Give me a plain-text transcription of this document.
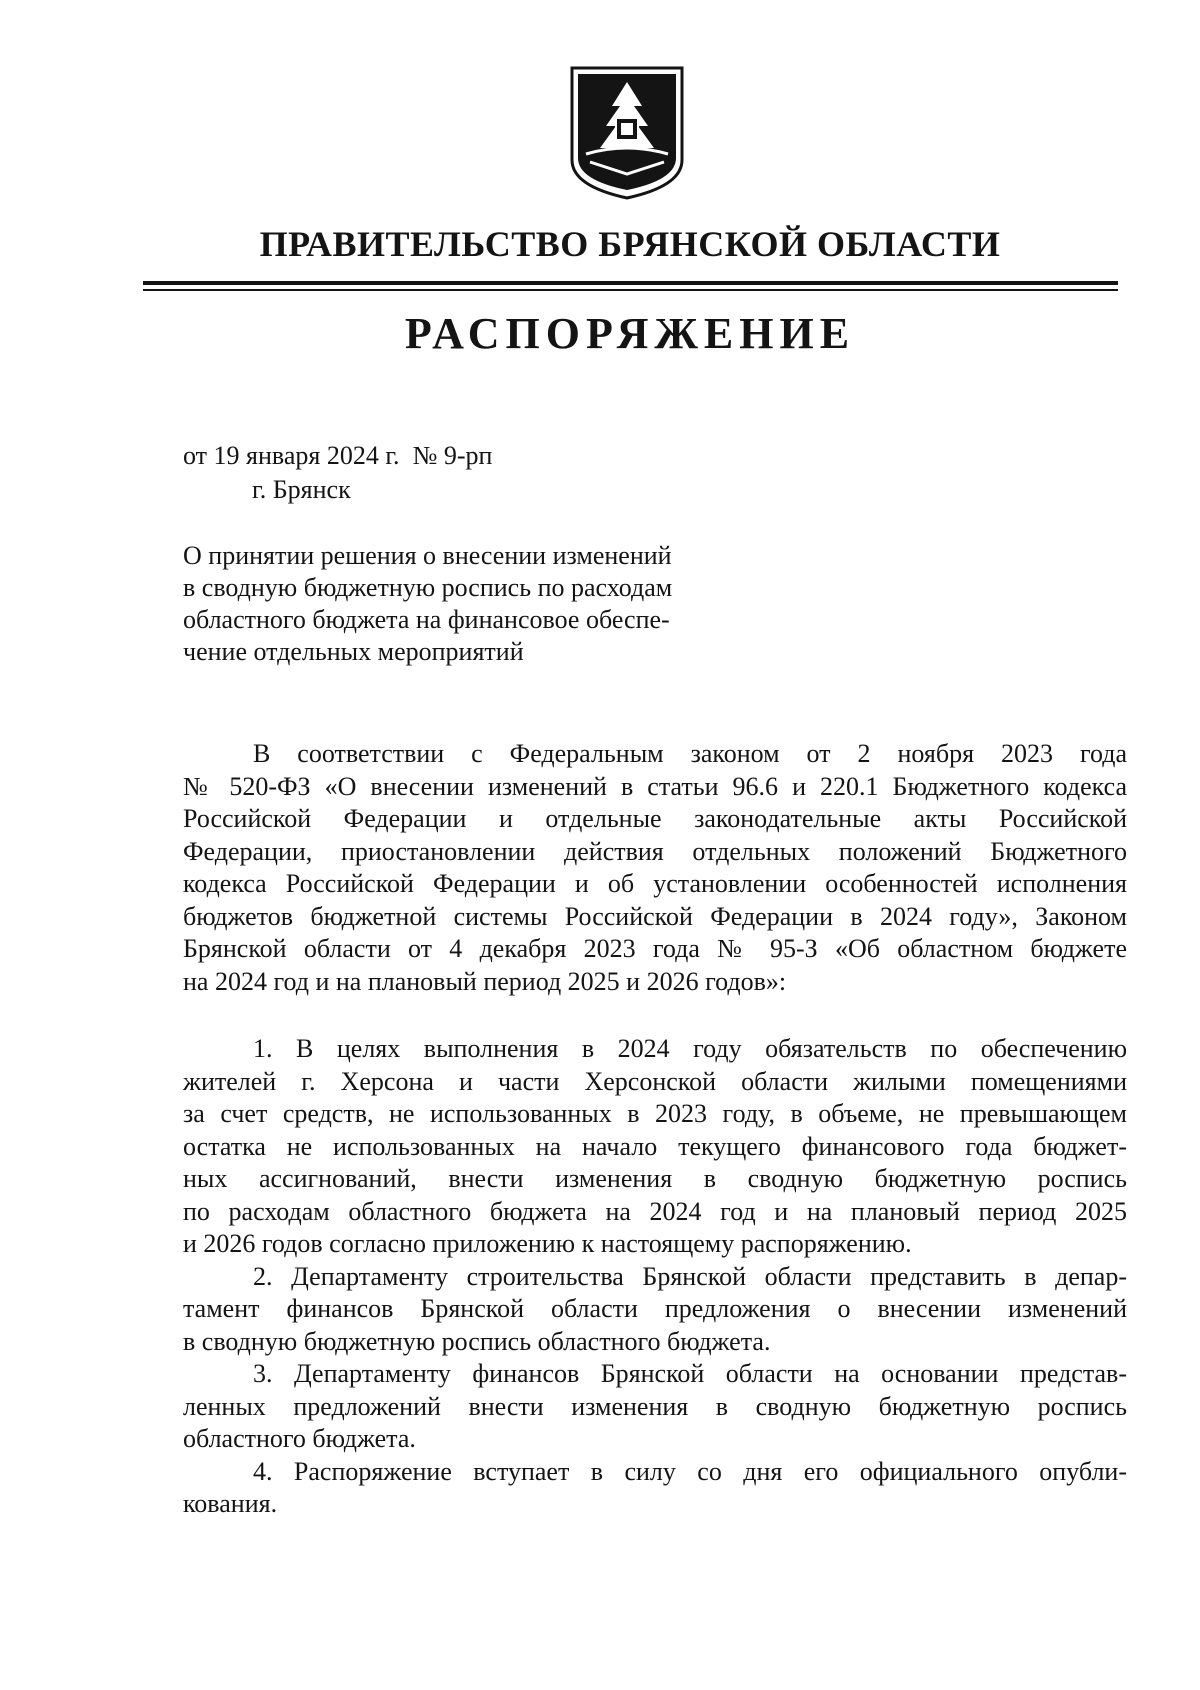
ПРАВИТЕЛЬСТВО БРЯНСКОЙ ОБЛАСТИ
РАСПОРЯЖЕНИЕ
от 19 января 2024 г. № 9-рп
г. Брянск
О принятии решения о внесении изменений
в сводную бюджетную роспись по расходам
областного бюджета на финансовое обеспе-
чение отдельных мероприятий
В соответствии с Федеральным законом от 2 ноября 2023 года
№ 520-ФЗ «О внесении изменений в статьи 96.6 и 220.1 Бюджетного кодекса
Российской Федерации и отдельные законодательные акты Российской
Федерации, приостановлении действия отдельных положений Бюджетного
кодекса Российской Федерации и об установлении особенностей исполнения
бюджетов бюджетной системы Российской Федерации в 2024 году», Законом
Брянской области от 4 декабря 2023 года № 95-З «Об областном бюджете
на 2024 год и на плановый период 2025 и 2026 годов»:
1. В целях выполнения в 2024 году обязательств по обеспечению
жителей г. Херсона и части Херсонской области жилыми помещениями
за счет средств, не использованных в 2023 году, в объеме, не превышающем
остатка не использованных на начало текущего финансового года бюджет-
ных ассигнований, внести изменения в сводную бюджетную роспись
по расходам областного бюджета на 2024 год и на плановый период 2025
и 2026 годов согласно приложению к настоящему распоряжению.
2. Департаменту строительства Брянской области представить в депар-
тамент финансов Брянской области предложения о внесении изменений
в сводную бюджетную роспись областного бюджета.
3. Департаменту финансов Брянской области на основании представ-
ленных предложений внести изменения в сводную бюджетную роспись
областного бюджета.
4. Распоряжение вступает в силу со дня его официального опубли-
кования.
